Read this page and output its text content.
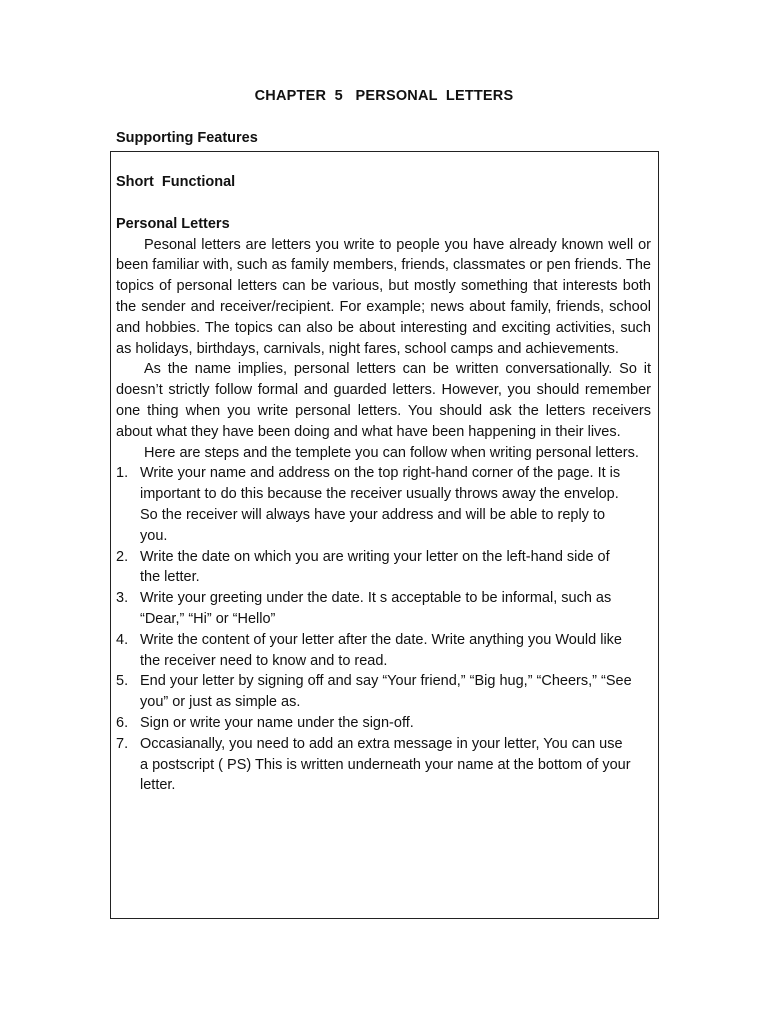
CHAPTER  5   PERSONAL  LETTERS
Supporting Features
Short  Functional
Personal Letters

Pesonal letters are letters you write to people you have already known well or been familiar with, such as family members, friends, classmates or pen friends. The topics of personal letters can be various, but mostly something that interests both the sender and receiver/recipient. For example; news about family, friends, school and hobbies. The topics can also be about interesting and exciting activities, such as holidays, birthdays, carnivals, night fares, school camps and achievements.

As the name implies, personal letters can be written conversationally. So it doesn’t strictly follow formal and guarded letters. However, you should remember one thing when you write personal letters. You should ask the letters receivers about what they have been doing and what have been happening in their lives.

Here are steps and the templete you can follow when writing personal letters.

1. Write your name and address on the top right-hand corner of the page. It is important to do this because the receiver usually throws away the envelop. So the receiver will always have your address and will be able to reply to you.
2. Write the date on which you are writing your letter on the left-hand side of the letter.
3. Write your greeting under the date. It s acceptable to be informal, such as “Dear,” “Hi” or “Hello”
4. Write the content of your letter after the date. Write anything you Would like the receiver need to know and to read.
5. End your letter by signing off and say “Your friend,” “Big hug,” “Cheers,” “See you” or just as simple as.
6. Sign or write your name under the sign-off.
7. Occasianally, you need to add an extra message in your letter, You can use a postscript ( PS) This is written underneath your name at the bottom of your letter.
